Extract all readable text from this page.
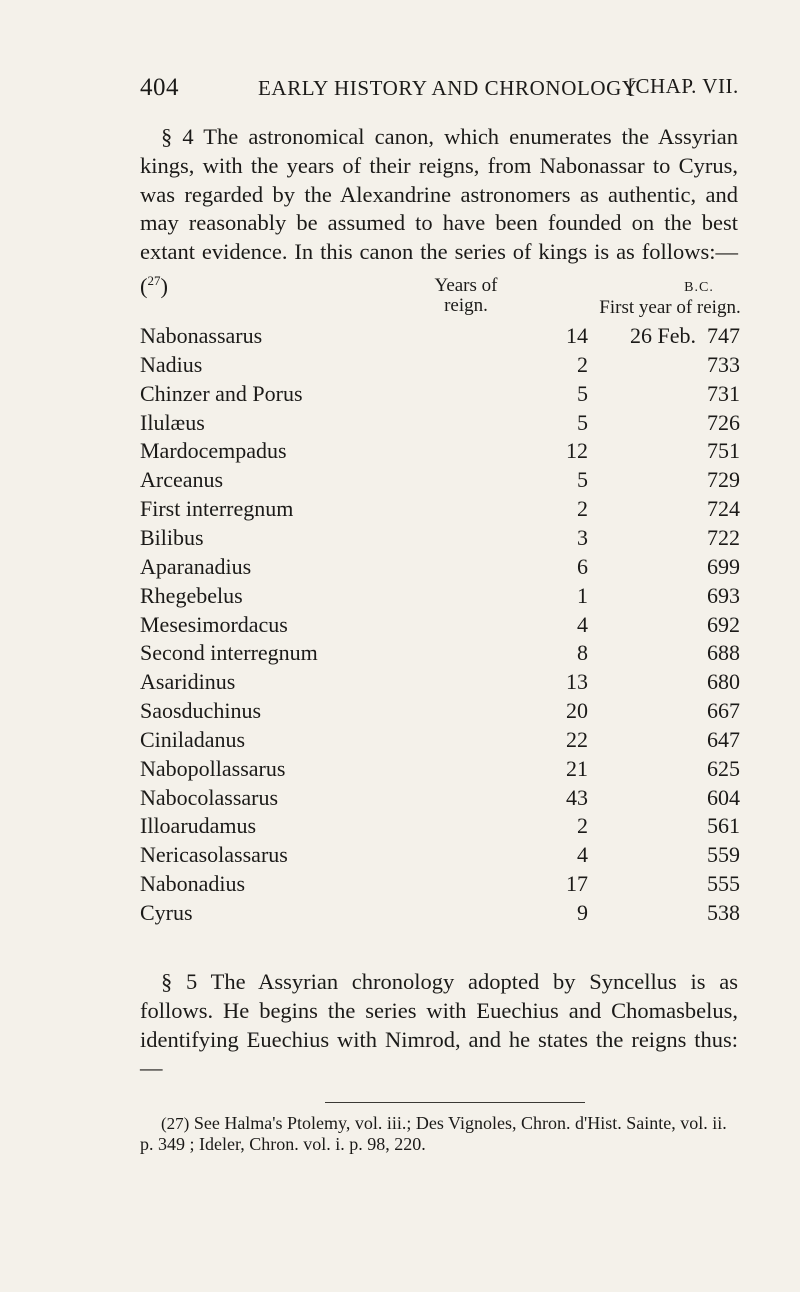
404	EARLY HISTORY AND CHRONOLOGY
[CHAP. VII.
§ 4 The astronomical canon, which enumerates the Assyrian kings, with the years of their reigns, from Nabonassar to Cyrus, was regarded by the Alexandrine astronomers as authentic, and may reasonably be assumed to have been founded on the best extant evidence. In this canon the series of kings is as follows:—($^{27}$)	Years of
reign.
B.C.
First year of reign.
Nabonassarus	14 26 Feb.  747
Nadius	2	733
Chinzer and Porus	5	731
Ilulæus	5	726
Mardocempadus	12	751
Arceanus	5	729
First interregnum	2	724
Bilibus	3	722
Aparanadius	6	699
Rhegebelus	1	693
Mesesimordacus	4	692
Second interregnum	8	688
Asaridinus	13	680
Saosduchinus	20	667
Ciniladanus	22	647
Nabopollassarus	21	625
Nabocolassarus	43	604
Illoarudamus	2	561
Nericasolassarus	4	559
Nabonadius	17	555
Cyrus	9	538
§ 5 The Assyrian chronology adopted by Syncellus is as follows. He begins the series with Euechius and Chomasbelus, identifying Euechius with Nimrod, and he states the reigns thus:—
(27) See Halma's Ptolemy, vol. iii.; Des Vignoles, Chron. d'Hist. Sainte, vol. ii. p. 349 ; Ideler, Chron. vol. i. p. 98, 220.
